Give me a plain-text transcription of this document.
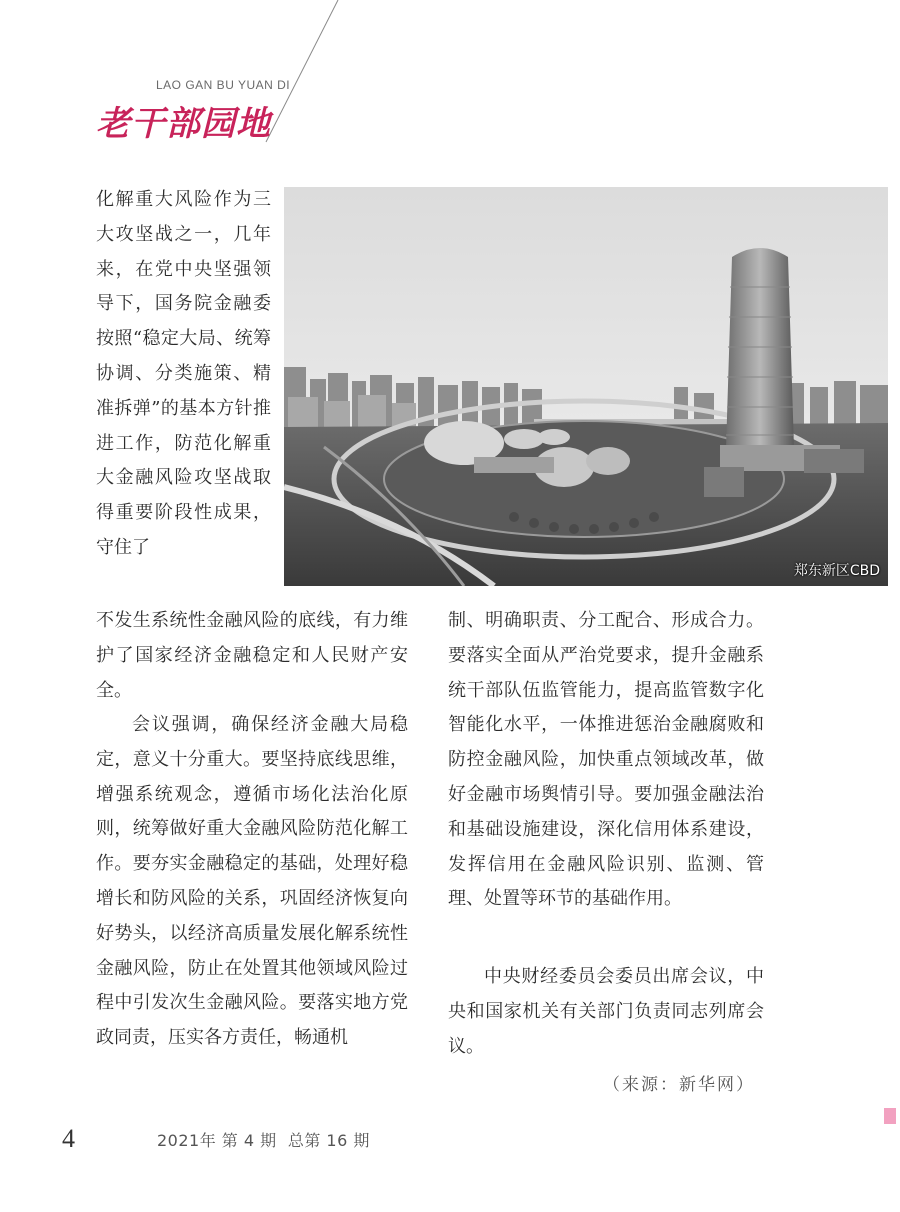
LAO GAN BU YUAN DI
老干部园地
郑东新区CBD

化解重大风险作为三大攻坚战之一，几年来，在党中央坚强领导下，国务院金融委按照“稳定大局、统筹协调、分类施策、精准拆弹”的基本方针推进工作，防范化解重大金融风险攻坚战取得重要阶段性成果，守住了

不发生系统性金融风险的底线，有力维护了国家经济金融稳定和人民财产安全。

会议强调，确保经济金融大局稳定，意义十分重大。要坚持底线思维，增强系统观念，遵循市场化法治化原则，统筹做好重大金融风险防范化解工作。要夯实金融稳定的基础，处理好稳增长和防风险的关系，巩固经济恢复向好势头，以经济高质量发展化解系统性金融风险，防止在处置其他领域风险过程中引发次生金融风险。要落实地方党政同责，压实各方责任，畅通机

制、明确职责、分工配合、形成合力。要落实全面从严治党要求，提升金融系统干部队伍监管能力，提高监管数字化智能化水平，一体推进惩治金融腐败和防控金融风险，加快重点领域改革，做好金融市场舆情引导。要加强金融法治和基础设施建设，深化信用体系建设，发挥信用在金融风险识别、监测、管理、处置等环节的基础作用。

中央财经委员会委员出席会议，中央和国家机关有关部门负责同志列席会议。

（来源：新华网）
4	2021年 第 4 期  总第 16 期
